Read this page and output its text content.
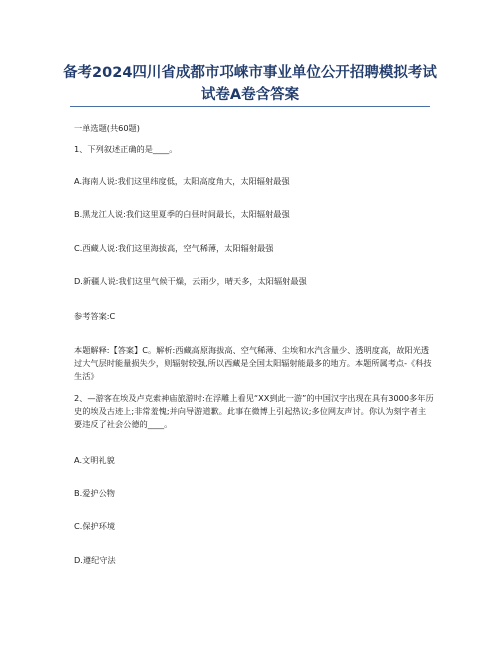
备考2024四川省成都市邛崃市事业单位公开招聘模拟考试
试卷A卷含答案
一单选题(共60题)
1、下列叙述正确的是____。
A.海南人说:我们这里纬度低，太阳高度角大，太阳辐射最强
B.黑龙江人说:我们这里夏季的白昼时间最长，太阳辐射最强
C.西藏人说:我们这里海拔高，空气稀薄，太阳辐射最强
D.新疆人说:我们这里气候干燥，云雨少，晴天多，太阳辐射最强
参考答案:C
本题解释:【答案】C。解析:西藏高原海拔高、空气稀薄、尘埃和水汽含量少、透明度高，故阳光透过大气层时能量损失少，则辐射较强,所以西藏是全国太阳辐射能最多的地方。本题所属考点-《科技生活》
2、—游客在埃及卢克索神庙旅游时:在浮雕上看见“XX到此一游”的中国汉字出现在具有3000多年历史的埃及古迹上;非常羞愧;并向导游道歉。此事在微博上引起热议;多位网友声讨。你认为刻字者主要违反了社会公德的____。
A.文明礼貌
B.爱护公物
C.保护环境
D.遵纪守法
